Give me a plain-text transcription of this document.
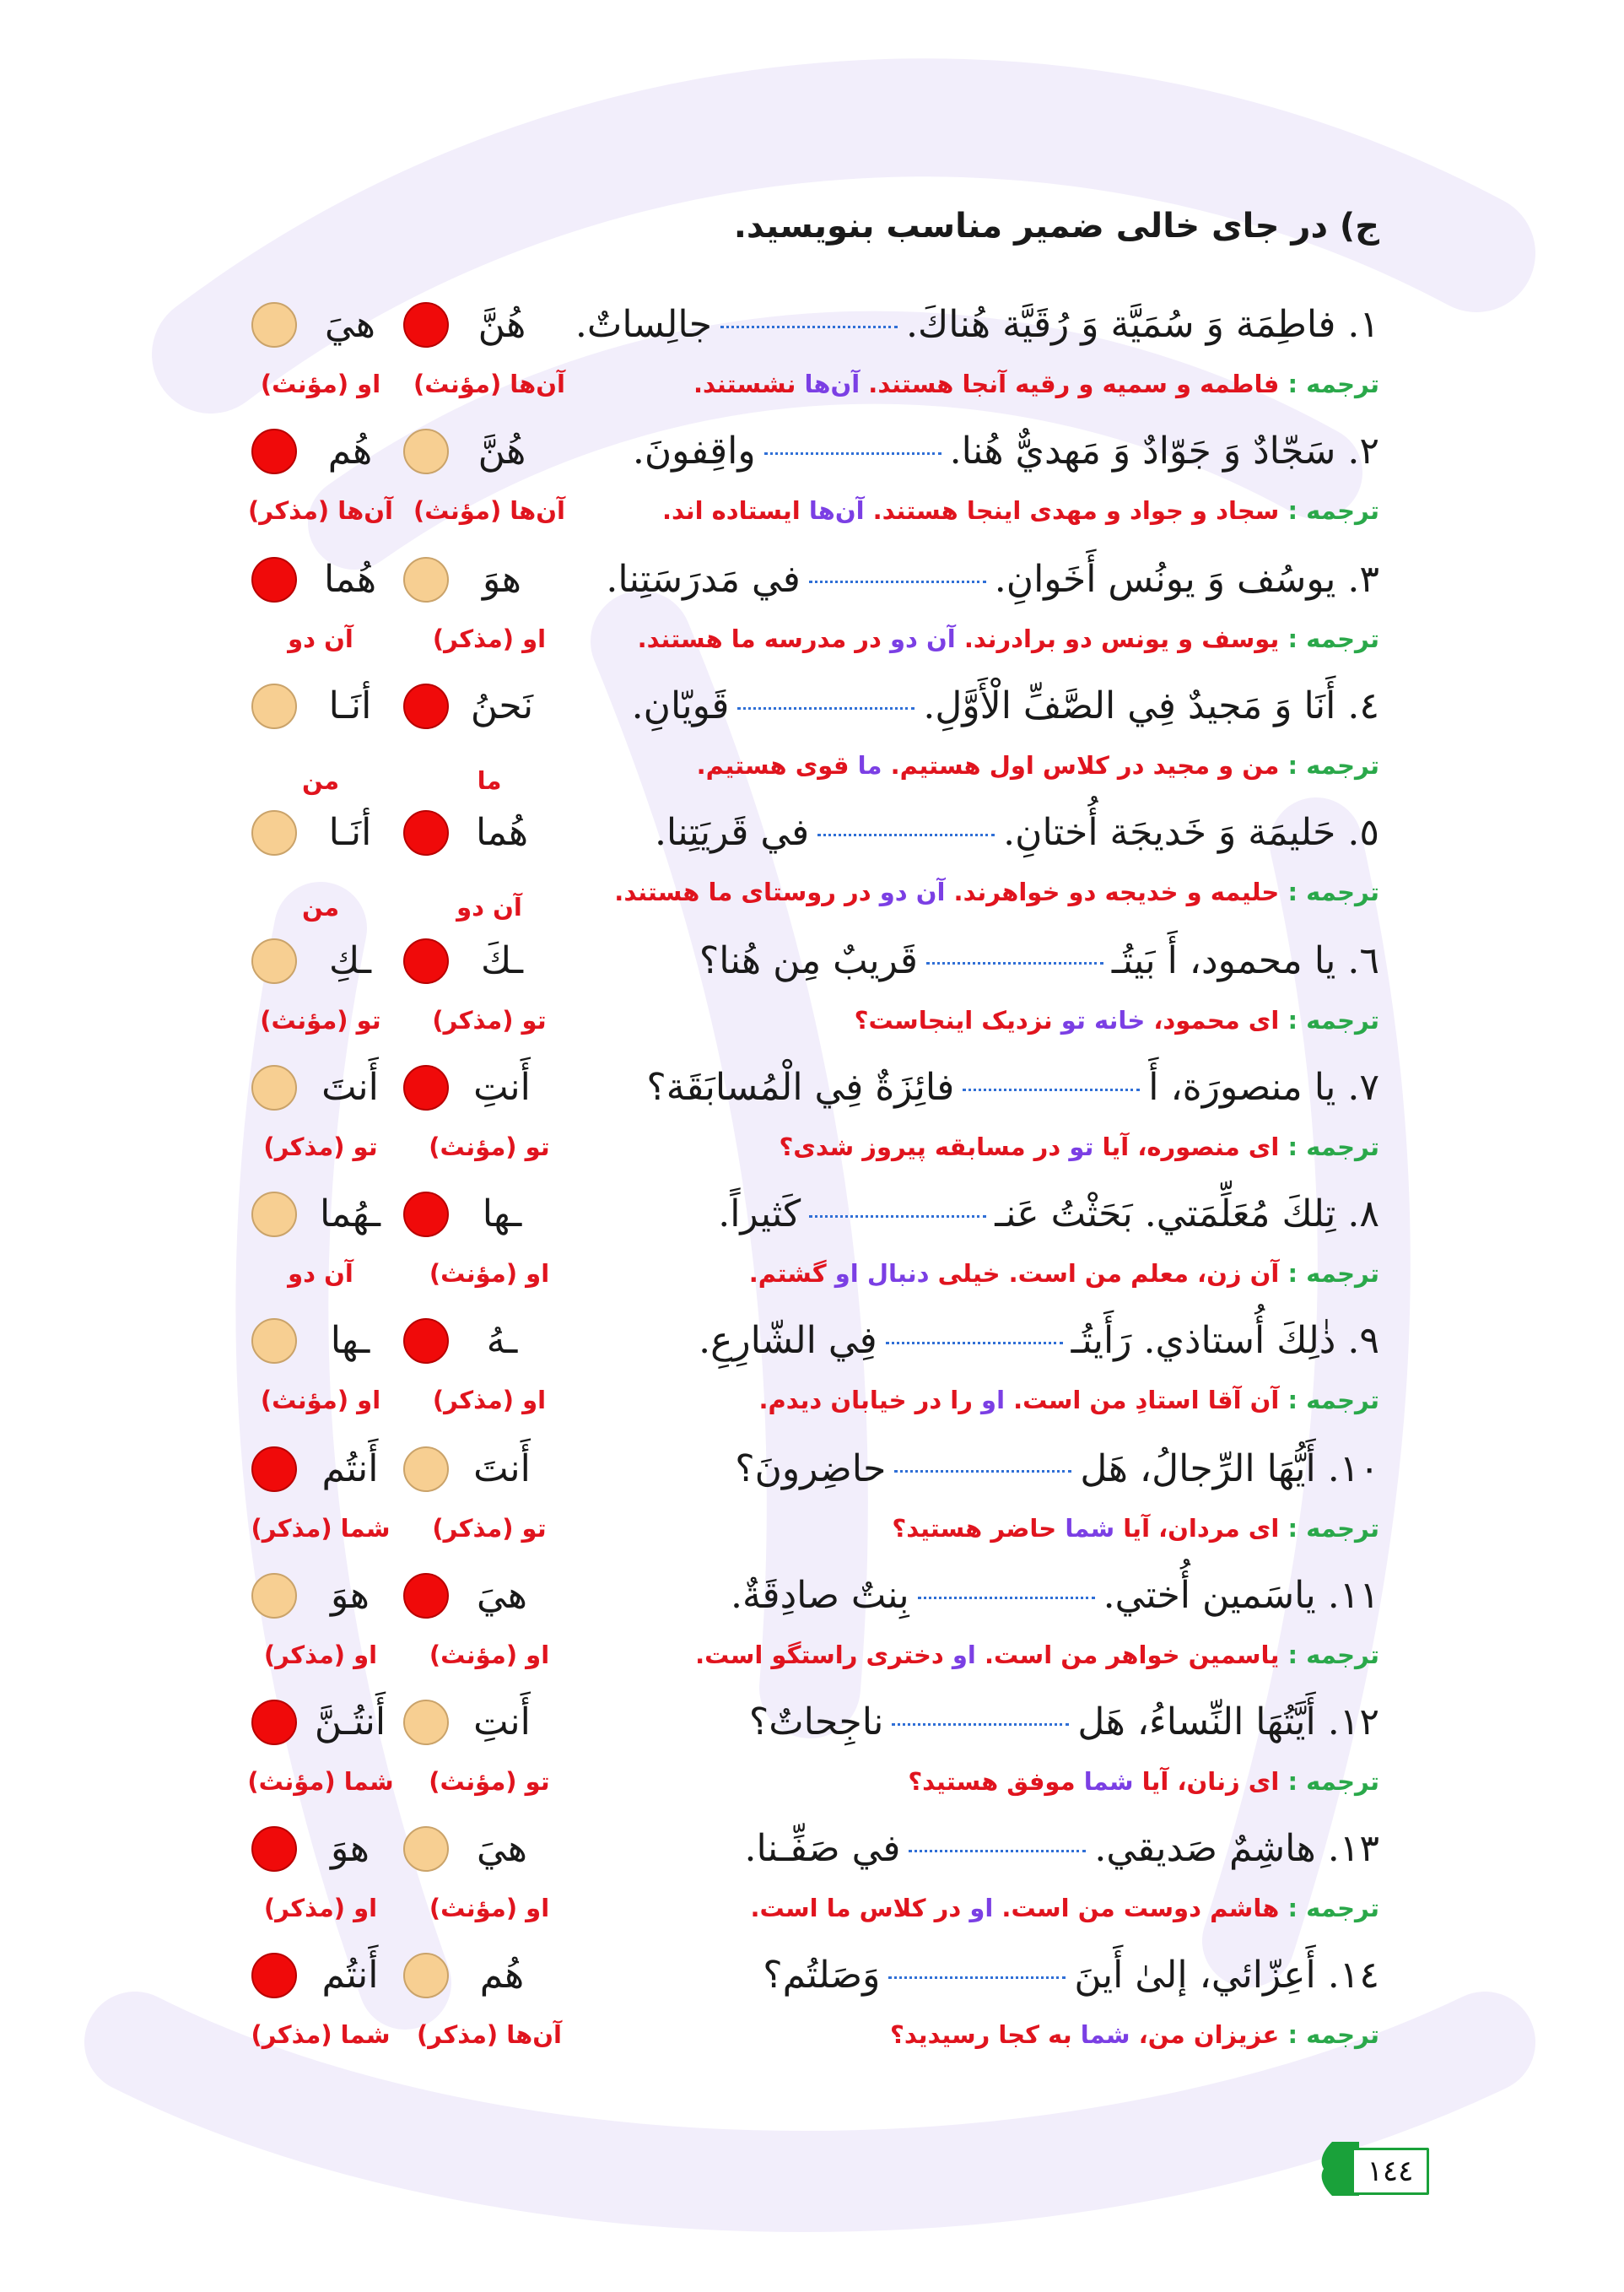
ج) در جای خالی ضمیر مناسب بنویسید.
١. فاطِمَة وَ سُمَيَّة وَ رُقَيَّة هُناكَ.جالِساتٌ.
ترجمه : فاطمه و سمیه و رقیه آنجا هستند. آن‌ها نشستند.
هُنَّ
هيَ
آن‌ها (مؤنث)
او (مؤنث)
٢. سَجّادٌ وَ جَوّادٌ وَ مَهديٌّ هُنا.واقِفونَ.
ترجمه : سجاد و جواد و مهدی اینجا هستند. آن‌ها ایستاده اند.
هُنَّ
هُم
آن‌ها (مؤنث)
آن‌ها (مذکر)
٣. يوسُف وَ يونُس أَخَوانِ.في مَدرَسَتِنا.
ترجمه : یوسف و یونس دو برادرند. آن دو در مدرسه ما هستند.
هوَ
هُما
او (مذکر)
آن دو
٤. أَنَا وَ مَجيدٌ فِي الصَّفِّ الْأَوَّلِ.قَويّانِ.
ترجمه : من و مجید در کلاس اول هستیم. ما قوی هستیم.
نَحنُ
أنَـا
ما
من
٥. حَليمَة وَ خَديجَة أُختانِ.في قَريَتِنا.
ترجمه : حلیمه و خدیجه دو خواهرند. آن دو در روستای ما هستند.
هُما
أنَـا
آن دو
من
٦. يا محمود، أَ بَيتُـقَريبٌ مِن هُنا؟
ترجمه : ای محمود، خانه تو نزدیک اینجاست؟
ـكَ
ـكِ
تو (مذکر)
تو (مؤنث)
٧. يا منصورَة، أَفائِزَةٌ فِي الْمُسابَقَة؟
ترجمه : ای منصوره، آیا تو در مسابقه پیروز شدی؟
أَنتِ
أَنتَ
تو (مؤنث)
تو (مذکر)
٨. تِلكَ مُعَلِّمَتي. بَحَثْتُ عَنـكَثيراً.
ترجمه : آن زن، معلم من است. خیلی دنبال او گشتم.
ـها
ـهُما
او (مؤنث)
آن دو
٩. ذٰلِكَ أُستاذي. رَأَيتُـفِي الشّارِعِ.
ترجمه : آن آقا استادِ من است. او را در خیابان دیدم.
ـهُ
ـها
او (مذکر)
او (مؤنث)
١٠. أَيُّهَا الرِّجالُ، هَلحاضِرونَ؟
ترجمه : ای مردان، آیا شما حاضر هستید؟
أَنتَ
أَنتُم
تو (مذکر)
شما (مذکر)
١١. ياسَمين أُختي.بِنتٌ صادِقَةٌ.
ترجمه : یاسمین خواهر من است. او دختری راستگو است.
هيَ
هوَ
او (مؤنث)
او (مذکر)
١٢. أَيَّتُهَا النِّساءُ، هَلناجِحاتٌ؟
ترجمه : ای زنان، آیا شما موفق هستید؟
أَنتِ
أَنتُـنَّ
تو (مؤنث)
شما (مؤنث)
١٣. هاشِمٌ صَديقي.في صَفِّـنا.
ترجمه : هاشم دوست من است. او در کلاس ما است.
هيَ
هوَ
او (مؤنث)
او (مذکر)
١٤. أَعِزّائي، إلىٰ أَينَوَصَلتُم؟
ترجمه : عزیزان من، شما به کجا رسیدید؟
هُم
أَنتُم
آن‌ها (مذکر)
شما (مذکر)
١٤٤
